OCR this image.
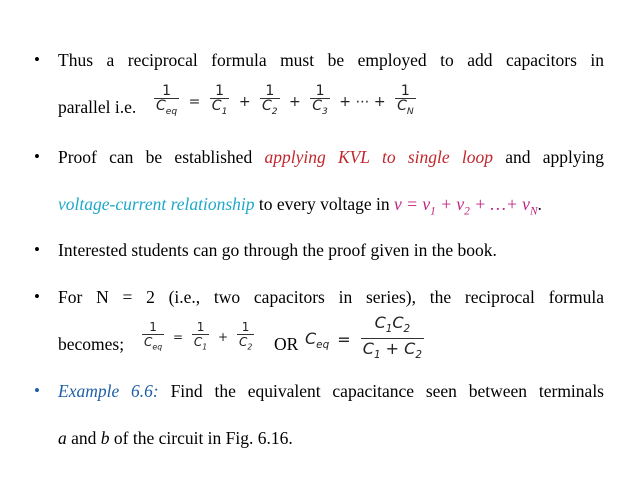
• Thus a reciprocal formula must be employed to add capacitors in
parallel i.e. $\frac{1}{C_{eq}} = \frac{1}{C_1} + \frac{1}{C_2} + \frac{1}{C_3}$ + ⋯ + $\frac{1}{C_N}$
• Proof can be established applying KVL to single loop and applying
voltage-current relationship to every voltage in $v = v_1 + v_2$ + …+ $v_N$.
• Interested students can go through the proof given in the book.
• For N = 2 (i.e., two capacitors in series), the reciprocal formula
becomes; $\frac{1}{C_{eq}} = \frac{1}{C_1} + \frac{1}{C_2}$ OR $C_{eq} = \frac{C_1C_2}{C_1 + C_2}$
• Example 6.6: Find the equivalent capacitance seen between terminals
a and b of the circuit in Fig. 6.16.
